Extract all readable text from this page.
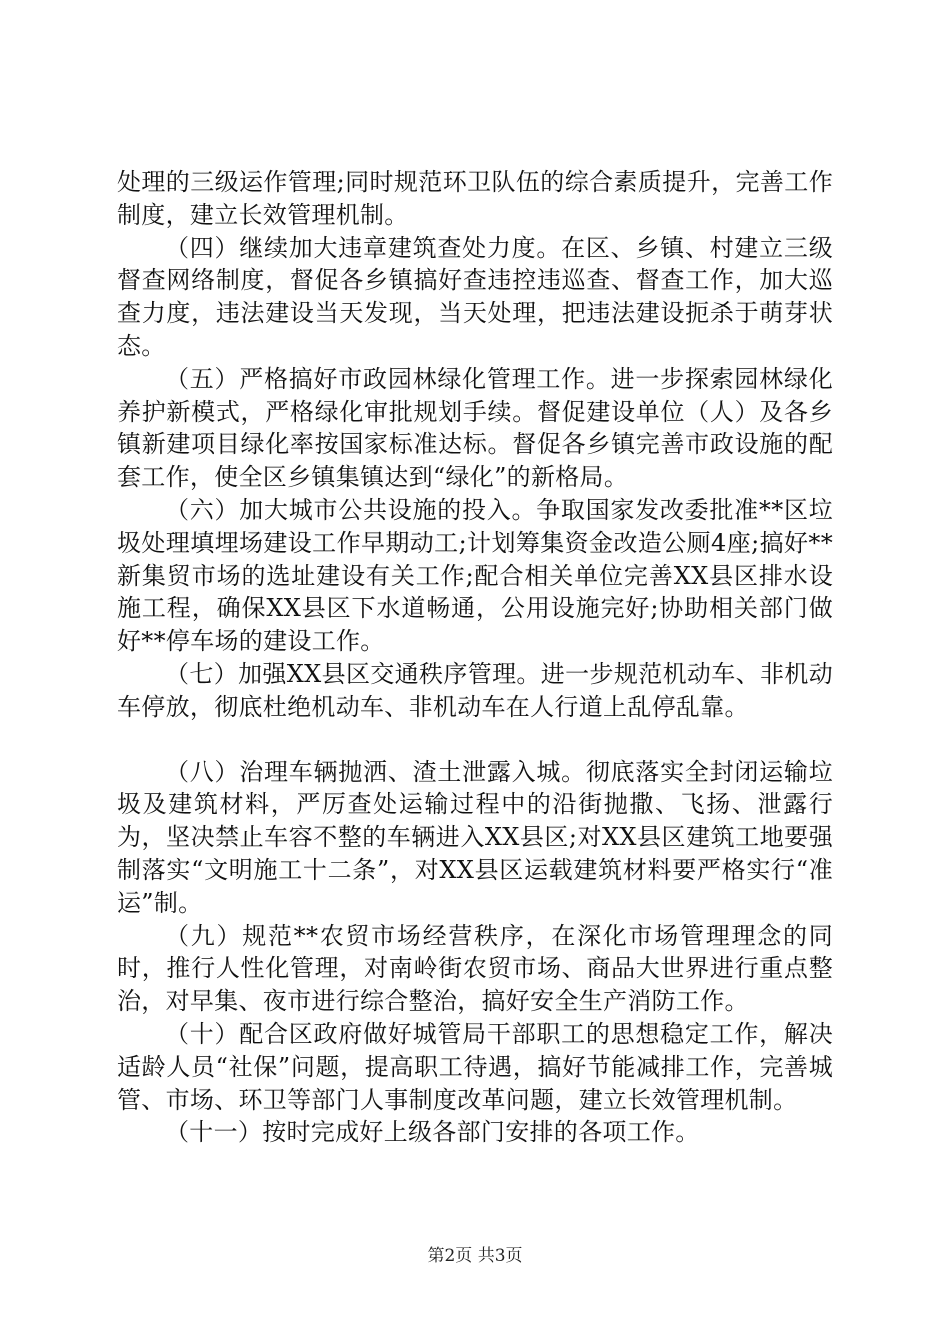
处理的三级运作管理;同时规范环卫队伍的综合素质提升，完善工作制度，建立长效管理机制。

（四）继续加大违章建筑查处力度。在区、乡镇、村建立三级督查网络制度，督促各乡镇搞好查违控违巡查、督查工作，加大巡查力度，违法建设当天发现，当天处理，把违法建设扼杀于萌芽状态。

（五）严格搞好市政园林绿化管理工作。进一步探索园林绿化养护新模式，严格绿化审批规划手续。督促建设单位（人）及各乡镇新建项目绿化率按国家标准达标。督促各乡镇完善市政设施的配套工作，使全区乡镇集镇达到“绿化”的新格局。

（六）加大城市公共设施的投入。争取国家发改委批准**区垃圾处理填埋场建设工作早期动工;计划筹集资金改造公厕4座;搞好**新集贸市场的选址建设有关工作;配合相关单位完善XX县区排水设施工程，确保XX县区下水道畅通，公用设施完好;协助相关部门做好**停车场的建设工作。

（七）加强XX县区交通秩序管理。进一步规范机动车、非机动车停放，彻底杜绝机动车、非机动车在人行道上乱停乱靠。

（八）治理车辆抛洒、渣土泄露入城。彻底落实全封闭运输垃圾及建筑材料，严厉查处运输过程中的沿街抛撒、飞扬、泄露行为，坚决禁止车容不整的车辆进入XX县区;对XX县区建筑工地要强制落实“文明施工十二条”，对XX县区运载建筑材料要严格实行“准运”制。

（九）规范**农贸市场经营秩序，在深化市场管理理念的同时，推行人性化管理，对南岭街农贸市场、商品大世界进行重点整治，对早集、夜市进行综合整治，搞好安全生产消防工作。

（十）配合区政府做好城管局干部职工的思想稳定工作，解决适龄人员“社保”问题，提高职工待遇，搞好节能减排工作，完善城管、市场、环卫等部门人事制度改革问题，建立长效管理机制。

（十一）按时完成好上级各部门安排的各项工作。

第2页 共3页
